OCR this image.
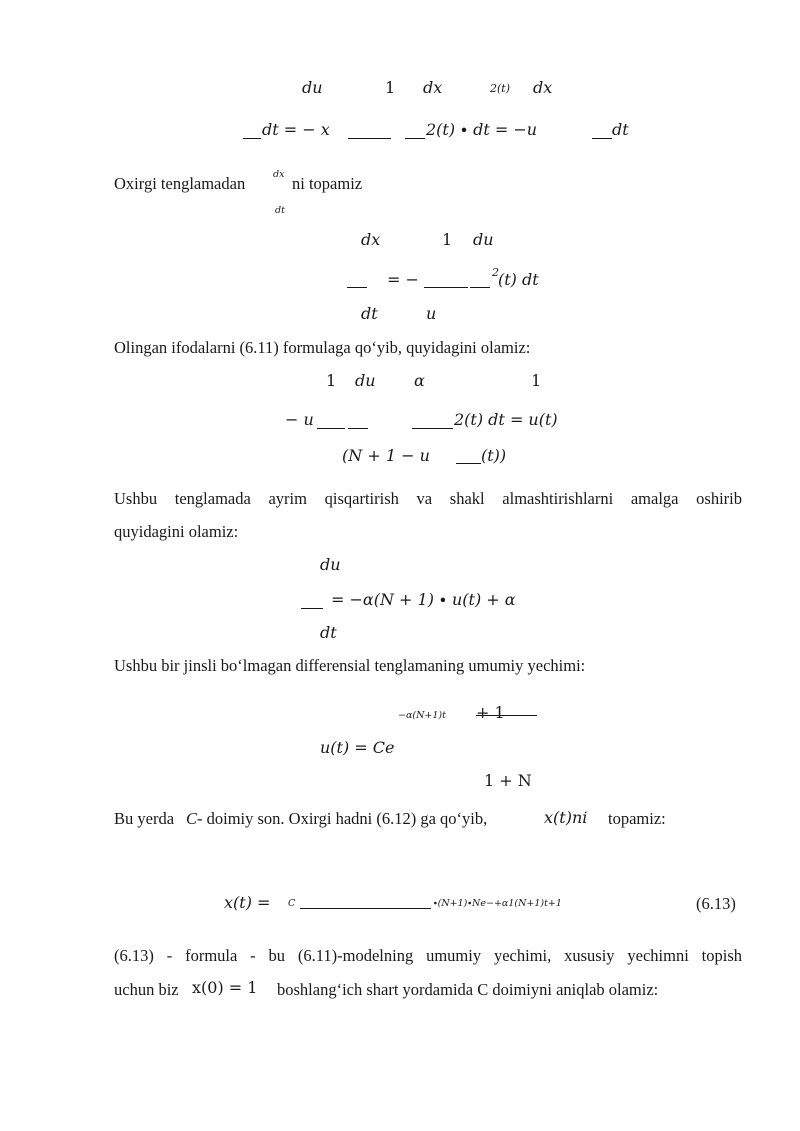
du	1 dx	2(t) dx
dt = − x	2(t) ∙ dt = −u	dt
Oxirgi tenglamadan	dx ni topamiz
dt
dx	1 du
= −	2 (t) dt
dt	u
Olingan ifodalarni (6.11) formulaga qo‘yib, quyidagini olamiz:
1 du α	1
− u	2(t) dt = u(t)
(N + 1 − u	(t))
Ushbu tenglamada ayrim qisqartirish va shakl almashtirishlarni amalga oshirib
quyidagini olamiz:
du
= −α(N + 1) ∙ u(t) + α
dt
Ushbu bir jinsli bo‘lmagan differensial tenglamaning umumiy yechimi:
−α(N+1)t + 1
u(t) = Ce
1 + N
Bu yerda C - doimiy son. Oxirgi hadni (6.12) ga qo‘yib,	x(t)ni topamiz:
x(t) = C	∙(N+1)∙Ne−+α1(N+1)t+1	(6.13)
(6.13) - formula - bu (6.11)-modelning umumiy yechimi, xususiy yechimni topish
uchun biz x(0) = 1 boshlang‘ich shart yordamida C doimiyni aniqlab olamiz:
